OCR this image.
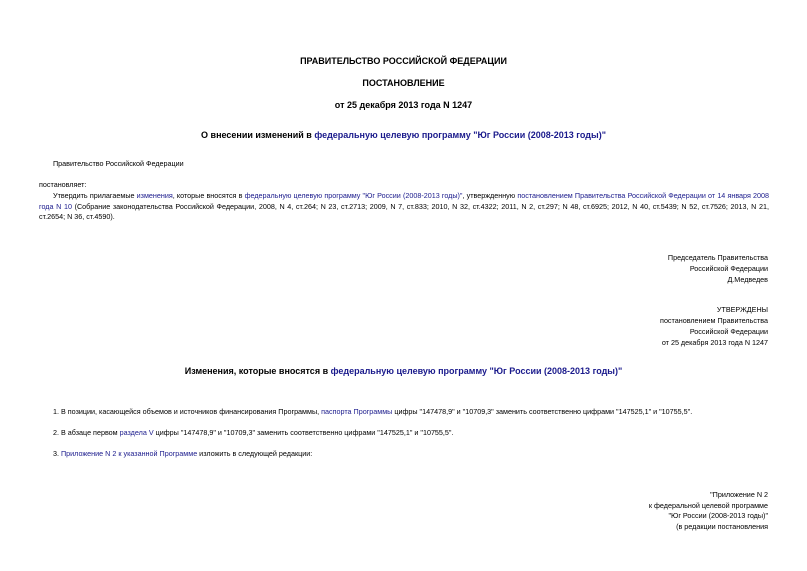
ПРАВИТЕЛЬСТВО РОССИЙСКОЙ ФЕДЕРАЦИИ
ПОСТАНОВЛЕНИЕ
от 25 декабря 2013 года N 1247
О внесении изменений в федеральную целевую программу "Юг России (2008-2013 годы)"
Правительство Российской Федерации
постановляет:
Утвердить прилагаемые изменения, которые вносятся в федеральную целевую программу "Юг России (2008-2013 годы)", утвержденную постановлением Правительства Российской Федерации от 14 января 2008 года N 10 (Собрание законодательства Российской Федерации, 2008, N 4, ст.264; N 23, ст.2713; 2009, N 7, ст.833; 2010, N 32, ст.4322; 2011, N 2, ст.297; N 48, ст.6925; 2012, N 40, ст.5439; N 52, ст.7526; 2013, N 21, ст.2654; N 36, ст.4590).
Председатель Правительства
Российской Федерации
Д.Медведев
УТВЕРЖДЕНЫ
постановлением Правительства
Российской Федерации
от 25 декабря 2013 года N 1247
Изменения, которые вносятся в федеральную целевую программу "Юг России (2008-2013 годы)"
1. В позиции, касающейся объемов и источников финансирования Программы, паспорта Программы цифры "147478,9" и "10709,3" заменить соответственно цифрами "147525,1" и "10755,5".
2. В абзаце первом раздела V цифры "147478,9" и "10709,3" заменить соответственно цифрами "147525,1" и "10755,5".
3. Приложение N 2 к указанной Программе изложить в следующей редакции:
"Приложение N 2
к федеральной целевой программе
"Юг России (2008-2013 годы)"
(в редакции постановления
